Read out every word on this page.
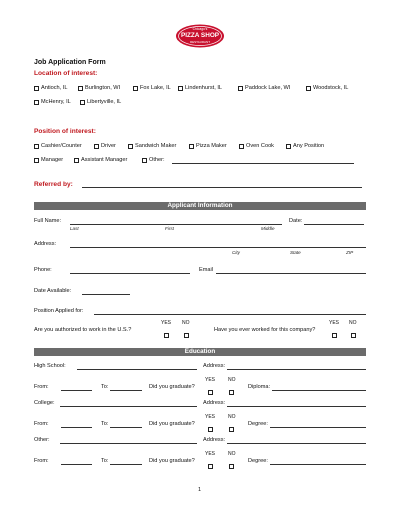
Chicago's
PIZZA SHOP
RESTAURANT
Job Application Form
Location of interest:
Antioch, IL	Burlington, WI	Fox Lake, IL	Lindenhurst, IL	Paddock Lake, WI	Woodstock, IL
McHenry, IL	Libertyville, IL
Position of interest:
Cashier/Counter	Driver	Sandwich Maker	Pizza Maker	Oven Cook	Any Position
Manager	Assistant Manager	Other:
Referred by:
Applicant Information
Full Name:	Date:
Last	First	Middle
Address:
City	State	ZIP
Phone:	Email
Date Available:
Position Applied for:
Are you authorized to work in the U.S.?
YES NO
Have you ever worked for this company?
YES NO
Education
High School:	Address:
YES	NO
From:	To:	Did you graduate?	Diploma:
College:	Address:
YES	NO
From:	To:	Did you graduate?	Degree:
Other:	Address:
YES	NO
From:	To:	Did you graduate?	Degree:
1
